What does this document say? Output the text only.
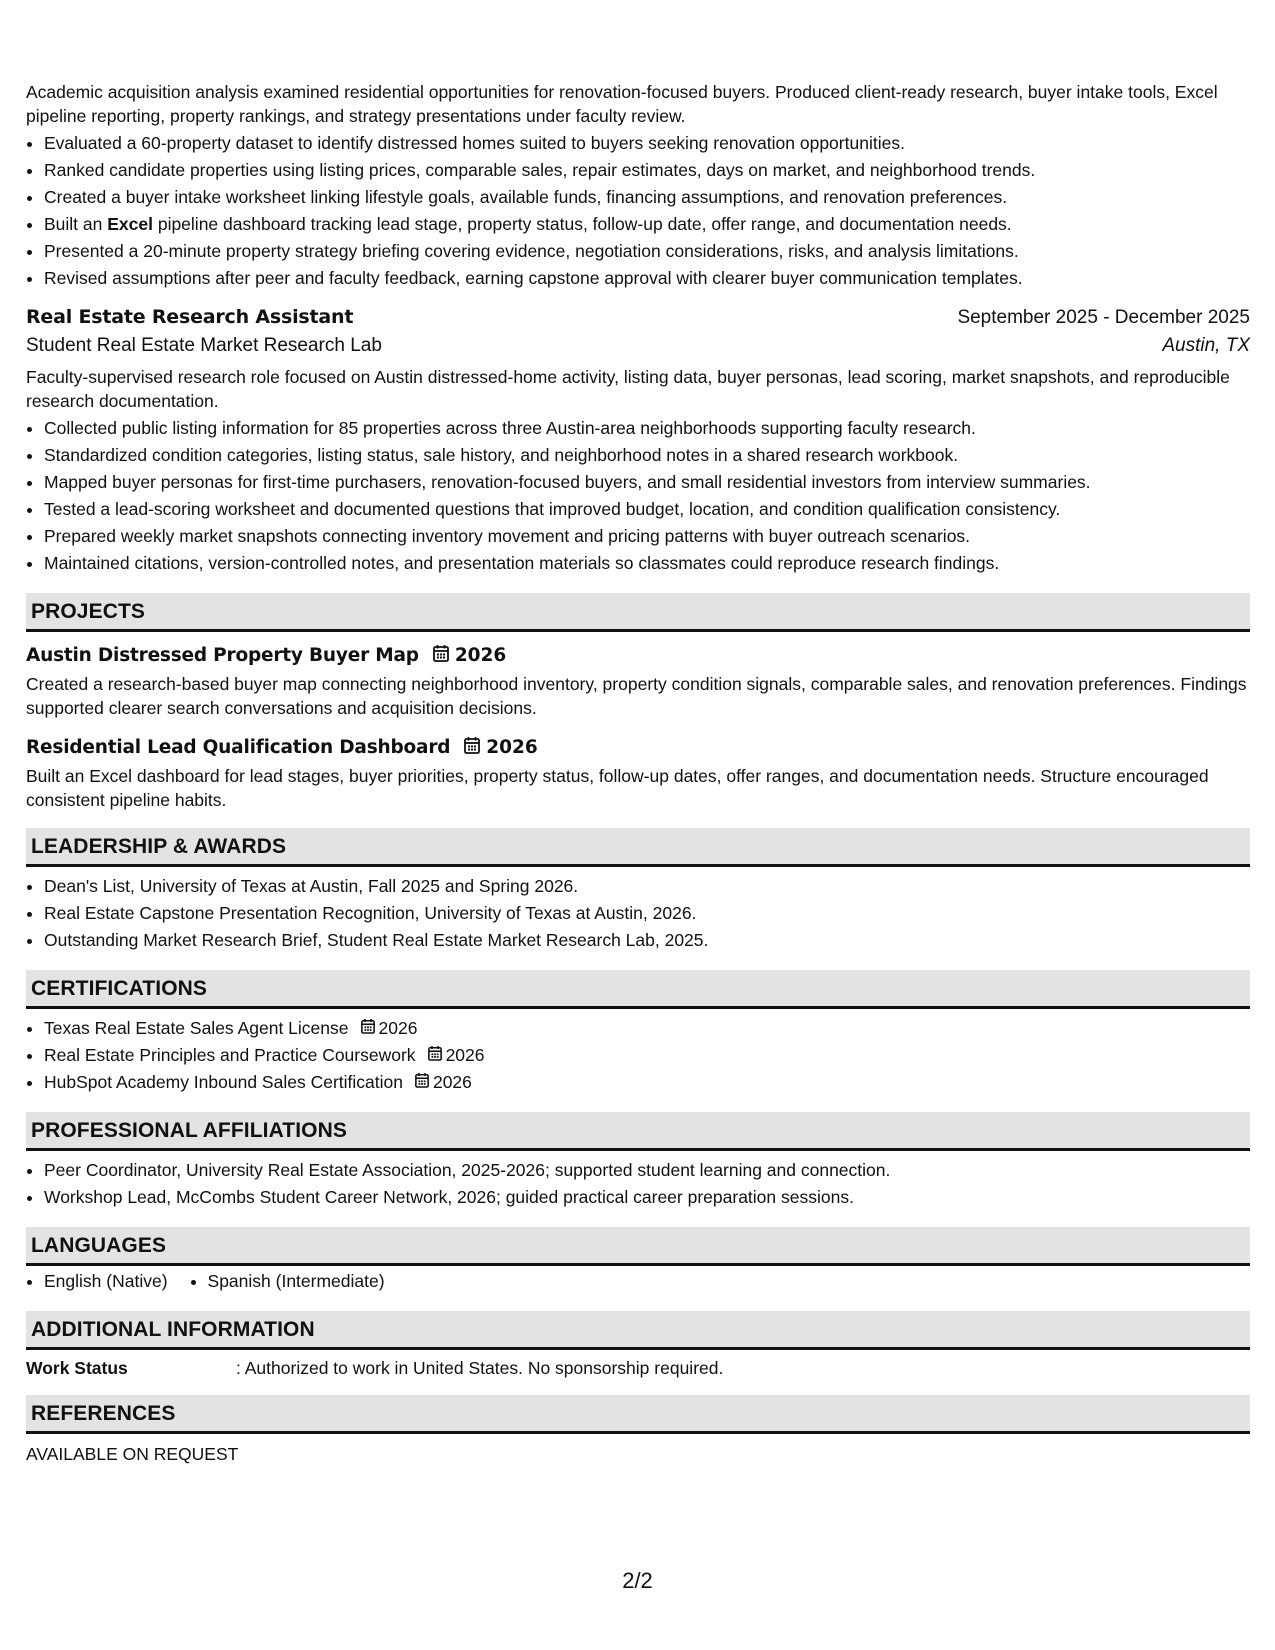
Academic acquisition analysis examined residential opportunities for renovation-focused buyers. Produced client-ready research, buyer intake tools, Excel pipeline reporting, property rankings, and strategy presentations under faculty review.

• Evaluated a 60-property dataset to identify distressed homes suited to buyers seeking renovation opportunities.
• Ranked candidate properties using listing prices, comparable sales, repair estimates, days on market, and neighborhood trends.
• Created a buyer intake worksheet linking lifestyle goals, available funds, financing assumptions, and renovation preferences.
• Built an Excel pipeline dashboard tracking lead stage, property status, follow-up date, offer range, and documentation needs.
• Presented a 20-minute property strategy briefing covering evidence, negotiation considerations, risks, and analysis limitations.
• Revised assumptions after peer and faculty feedback, earning capstone approval with clearer buyer communication templates.
Real Estate Research Assistant	September 2025 - December 2025
Student Real Estate Market Research Lab	Austin, TX

Faculty-supervised research role focused on Austin distressed-home activity, listing data, buyer personas, lead scoring, market snapshots, and reproducible research documentation.

• Collected public listing information for 85 properties across three Austin-area neighborhoods supporting faculty research.
• Standardized condition categories, listing status, sale history, and neighborhood notes in a shared research workbook.
• Mapped buyer personas for first-time purchasers, renovation-focused buyers, and small residential investors from interview summaries.
• Tested a lead-scoring worksheet and documented questions that improved budget, location, and condition qualification consistency.
• Prepared weekly market snapshots connecting inventory movement and pricing patterns with buyer outreach scenarios.
• Maintained citations, version-controlled notes, and presentation materials so classmates could reproduce research findings.
PROJECTS
Austin Distressed Property Buyer Map 2026

Created a research-based buyer map connecting neighborhood inventory, property condition signals, comparable sales, and renovation preferences. Findings supported clearer search conversations and acquisition decisions.

Residential Lead Qualification Dashboard 2026

Built an Excel dashboard for lead stages, buyer priorities, property status, follow-up dates, offer ranges, and documentation needs. Structure encouraged consistent pipeline habits.

LEADERSHIP & AWARDS
• Dean's List, University of Texas at Austin, Fall 2025 and Spring 2026.
• Real Estate Capstone Presentation Recognition, University of Texas at Austin, 2026.
• Outstanding Market Research Brief, Student Real Estate Market Research Lab, 2025.
CERTIFICATIONS
• Texas Real Estate Sales Agent License 2026
• Real Estate Principles and Practice Coursework 2026
• HubSpot Academy Inbound Sales Certification 2026
PROFESSIONAL AFFILIATIONS
• Peer Coordinator, University Real Estate Association, 2025-2026; supported student learning and connection.
• Workshop Lead, McCombs Student Career Network, 2026; guided practical career preparation sessions.
LANGUAGES
• English (Native)
• Spanish (Intermediate)
ADDITIONAL INFORMATION
Work Status	: Authorized to work in United States. No sponsorship required.
REFERENCES
AVAILABLE ON REQUEST
2/2
